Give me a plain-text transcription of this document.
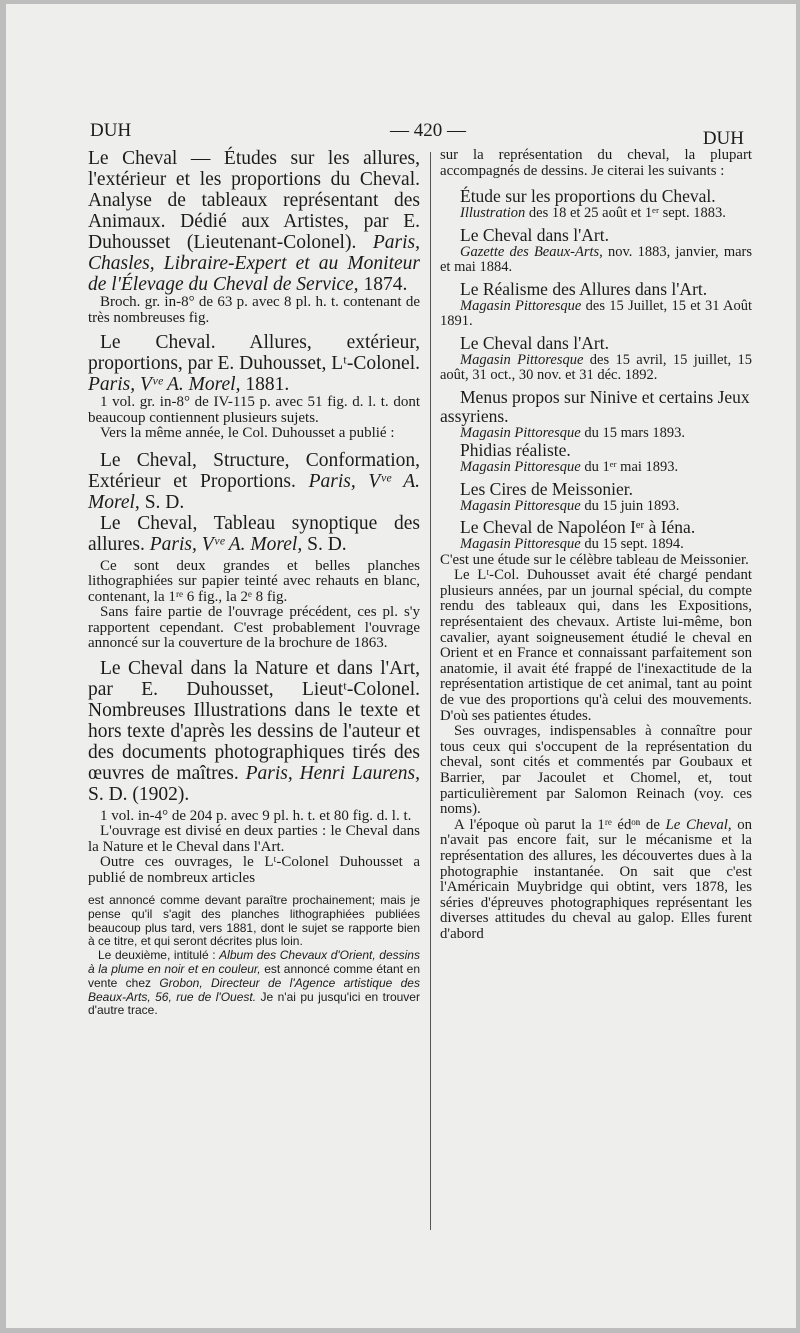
DUH	— 420 —	DUH

Le Cheval — Études sur les allures, l'extérieur et les proportions du Cheval. Analyse de tableaux représentant des Animaux. Dédié aux Artistes, par E. Duhousset (Lieutenant-Colonel). Paris, Chasles, Libraire-Expert et au Moniteur de l'Élevage du Cheval de Service, 1874.

Broch. gr. in-8° de 63 p. avec 8 pl. h. t. contenant de très nombreuses fig.

Le Cheval. Allures, extérieur, proportions, par E. Duhousset, Lᵗ-Colonel. Paris, Vᵛᵉ A. Morel, 1881.

1 vol. gr. in-8° de IV-115 p. avec 51 fig. d. l. t. dont beaucoup contiennent plusieurs sujets.

Vers la même année, le Col. Duhousset a publié :

Le Cheval, Structure, Conformation, Extérieur et Proportions. Paris, Vᵛᵉ A. Morel, S. D.

Le Cheval, Tableau synoptique des allures. Paris, Vᵛᵉ A. Morel, S. D.

Ce sont deux grandes et belles planches lithographiées sur papier teinté avec rehauts en blanc, contenant, la 1ʳᵉ 6 fig., la 2ᵉ 8 fig.

Sans faire partie de l'ouvrage précédent, ces pl. s'y rapportent cependant. C'est probablement l'ouvrage annoncé sur la couverture de la brochure de 1863.

Le Cheval dans la Nature et dans l'Art, par E. Duhousset, Lieutᵗ-Colonel. Nombreuses Illustrations dans le texte et hors texte d'après les dessins de l'auteur et des documents photographiques tirés des œuvres de maîtres. Paris, Henri Laurens, S. D. (1902).

1 vol. in-4° de 204 p. avec 9 pl. h. t. et 80 fig. d. l. t.

L'ouvrage est divisé en deux parties : le Cheval dans la Nature et le Cheval dans l'Art.

Outre ces ouvrages, le Lᵗ-Colonel Duhousset a publié de nombreux articles

est annoncé comme devant paraître prochainement; mais je pense qu'il s'agit des planches lithographiées publiées beaucoup plus tard, vers 1881, dont le sujet se rapporte bien à ce titre, et qui seront décrites plus loin.

Le deuxième, intitulé : Album des Chevaux d'Orient, dessins à la plume en noir et en couleur, est annoncé comme étant en vente chez Grobon, Directeur de l'Agence artistique des Beaux-Arts, 56, rue de l'Ouest. Je n'ai pu jusqu'ici en trouver d'autre trace.

sur la représentation du cheval, la plupart accompagnés de dessins. Je citerai les suivants :

Étude sur les proportions du Cheval.

Illustration des 18 et 25 août et 1ᵉʳ sept. 1883.

Le Cheval dans l'Art.

Gazette des Beaux-Arts, nov. 1883, janvier, mars et mai 1884.

Le Réalisme des Allures dans l'Art.

Magasin Pittoresque des 15 Juillet, 15 et 31 Août 1891.

Le Cheval dans l'Art.

Magasin Pittoresque des 15 avril, 15 juillet, 15 août, 31 oct., 30 nov. et 31 déc. 1892.

Menus propos sur Ninive et certains Jeux assyriens.

Magasin Pittoresque du 15 mars 1893.

Phidias réaliste.

Magasin Pittoresque du 1ᵉʳ mai 1893.

Les Cires de Meissonier.

Magasin Pittoresque du 15 juin 1893.

Le Cheval de Napoléon Iᵉʳ à Iéna.

Magasin Pittoresque du 15 sept. 1894.

C'est une étude sur le célèbre tableau de Meissonier.

Le Lᵗ-Col. Duhousset avait été chargé pendant plusieurs années, par un journal spécial, du compte rendu des tableaux qui, dans les Expositions, représentaient des chevaux. Artiste lui-même, bon cavalier, ayant soigneusement étudié le cheval en Orient et en France et connaissant parfaitement son anatomie, il avait été frappé de l'inexactitude de la représentation artistique de cet animal, tant au point de vue des proportions qu'à celui des mouvements. D'où ses patientes études.

Ses ouvrages, indispensables à connaître pour tous ceux qui s'occupent de la représentation du cheval, sont cités et commentés par Goubaux et Barrier, par Jacoulet et Chomel, et, tout particulièrement par Salomon Reinach (voy. ces noms).

A l'époque où parut la 1ʳᵉ édᵒⁿ de Le Cheval, on n'avait pas encore fait, sur le mécanisme et la représentation des allures, les découvertes dues à la photographie instantanée. On sait que c'est l'Américain Muybridge qui obtint, vers 1878, les séries d'épreuves photographiques représentant les diverses attitudes du cheval au galop. Elles furent d'abord
